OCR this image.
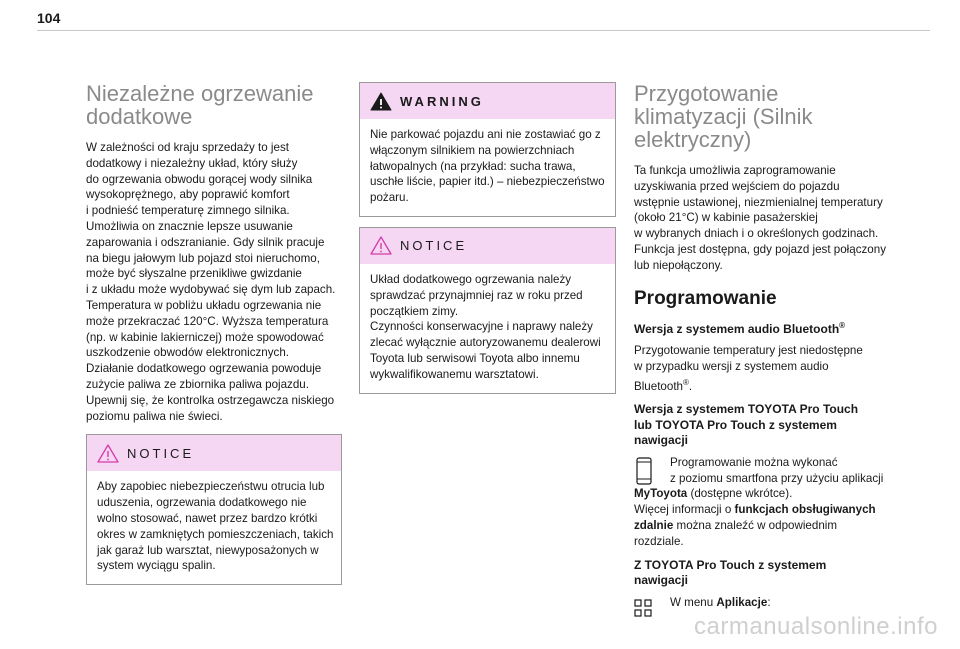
104
Niezależne ogrzewanie
dodatkowe
W zależności od kraju sprzedaży to jest
dodatkowy i niezależny układ, który służy
do ogrzewania obwodu gorącej wody silnika
wysokoprężnego, aby poprawić komfort
i podnieść temperaturę zimnego silnika.
Umożliwia on znacznie lepsze usuwanie
zaparowania i odszranianie. Gdy silnik pracuje
na biegu jałowym lub pojazd stoi nieruchomo,
może być słyszalne przenikliwe gwizdanie
i z układu może wydobywać się dym lub zapach.
Temperatura w pobliżu układu ogrzewania nie
może przekraczać 120°C. Wyższa temperatura
(np. w kabinie lakierniczej) może spowodować
uszkodzenie obwodów elektronicznych.
Działanie dodatkowego ogrzewania powoduje
zużycie paliwa ze zbiornika paliwa pojazdu.
Upewnij się, że kontrolka ostrzegawcza niskiego
poziomu paliwa nie świeci.
NOTICE
Aby zapobiec niebezpieczeństwu otrucia lub
uduszenia, ogrzewania dodatkowego nie
wolno stosować, nawet przez bardzo krótki
okres w zamkniętych pomieszczeniach, takich
jak garaż lub warsztat, niewyposażonych w
system wyciągu spalin.
WARNING
Nie parkować pojazdu ani nie zostawiać go z
włączonym silnikiem na powierzchniach
łatwopalnych (na przykład: sucha trawa,
uschłe liście, papier itd.) – niebezpieczeństwo
pożaru.
NOTICE
Układ dodatkowego ogrzewania należy
sprawdzać przynajmniej raz w roku przed
początkiem zimy.
Czynności konserwacyjne i naprawy należy
zlecać wyłącznie autoryzowanemu dealerowi
Toyota lub serwisowi Toyota albo innemu
wykwalifikowanemu warsztatowi.
Przygotowanie
klimatyzacji (Silnik
elektryczny)
Ta funkcja umożliwia zaprogramowanie
uzyskiwania przed wejściem do pojazdu
wstępnie ustawionej, niezmienialnej temperatury
(około 21°C) w kabinie pasażerskiej
w wybranych dniach i o określonych godzinach.
Funkcja jest dostępna, gdy pojazd jest połączony
lub niepołączony.
Programowanie
Wersja z systemem audio Bluetooth®
Przygotowanie temperatury jest niedostępne
w przypadku wersji z systemem audio
Bluetooth®.
Wersja z systemem TOYOTA Pro Touch
lub TOYOTA Pro Touch z systemem
nawigacji
Programowanie można wykonać
z poziomu smartfona przy użyciu aplikacji
MyToyota (dostępne wkrótce).
Więcej informacji o funkcjach obsługiwanych
zdalnie można znaleźć w odpowiednim
rozdziale.
Z TOYOTA Pro Touch z systemem
nawigacji
W menu Aplikacje:
carmanualsonline.info
